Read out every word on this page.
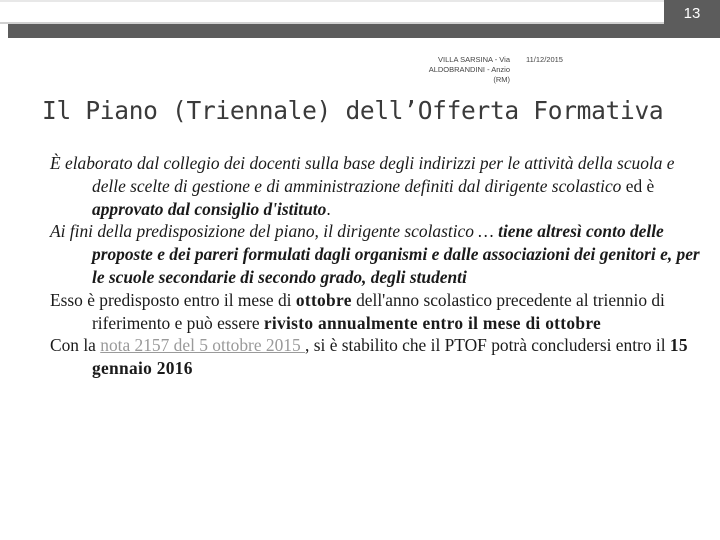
13
VILLA SARSINA - Via ALDOBRANDINI - Anzio (RM)
11/12/2015
Il Piano (Triennale) dell’Offerta Formativa

È elaborato dal collegio dei docenti sulla base degli indirizzi per le attività della scuola e delle scelte di gestione e di amministrazione definiti dal dirigente scolastico ed è approvato dal consiglio d'istituto.

Ai fini della predisposizione del piano, il dirigente scolastico … tiene altresì conto delle proposte e dei pareri formulati dagli organismi e dalle associazioni dei genitori e, per le scuole secondarie di secondo grado, degli studenti

Esso è predisposto entro il mese di ottobre dell'anno scolastico precedente al triennio di riferimento e può essere rivisto annualmente entro il mese di ottobre

Con la nota 2157 del 5 ottobre 2015 , si è stabilito che il PTOF potrà concludersi entro il 15 gennaio 2016
